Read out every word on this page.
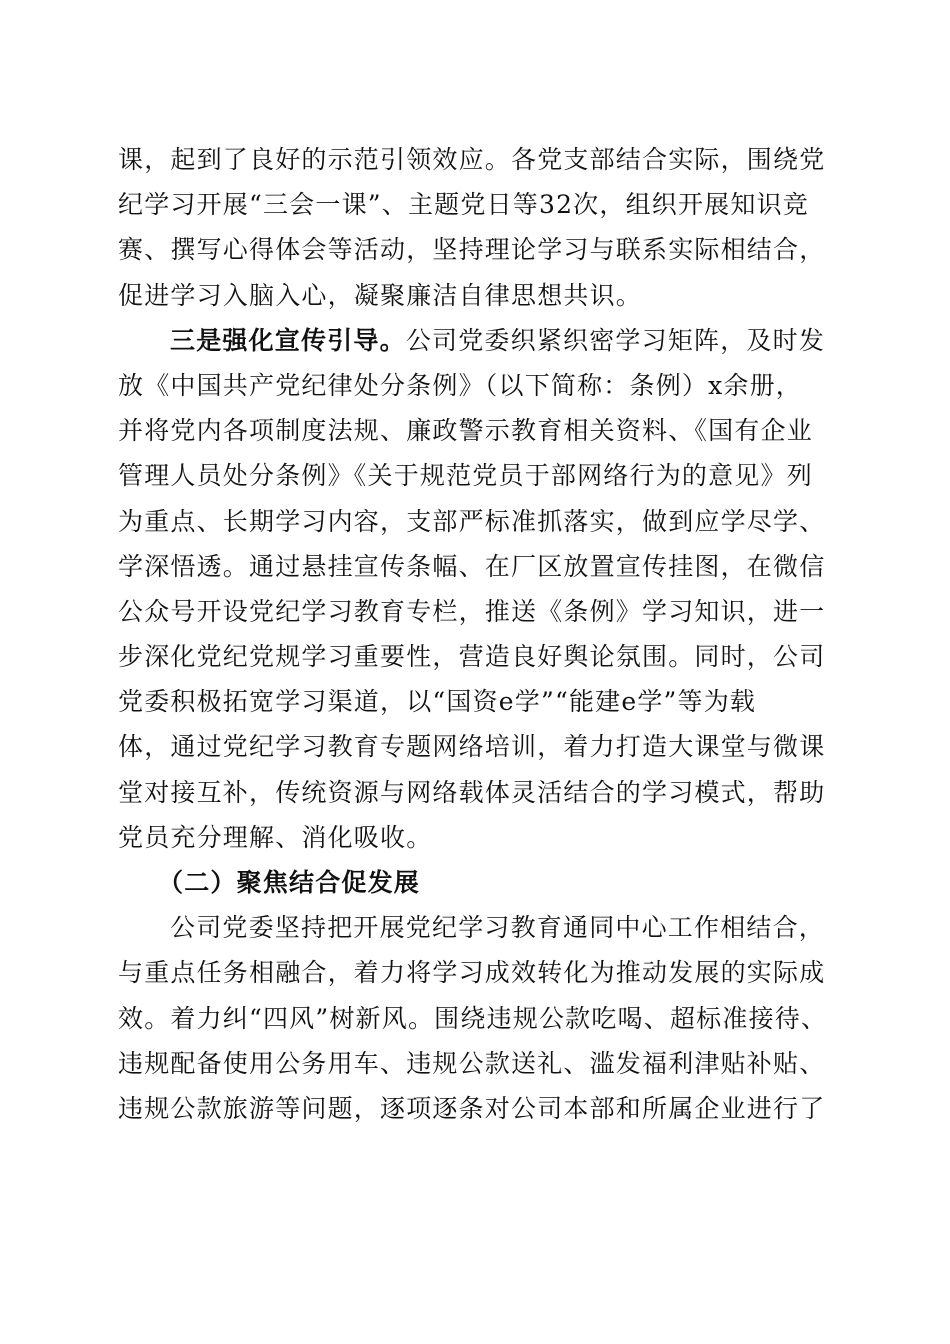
课，起到了良好的示范引领效应。各党支部结合实际，围绕党
纪学习开展“三会一课”、主题党日等32次，组织开展知识竞
赛、撰写心得体会等活动，坚持理论学习与联系实际相结合，
促进学习入脑入心，凝聚廉洁自律思想共识。
三是强化宣传引导。公司党委织紧织密学习矩阵，及时发
放《中国共产党纪律处分条例》（以下简称：条例）x余册，
并将党内各项制度法规、廉政警示教育相关资料、《国有企业
管理人员处分条例》《关于规范党员于部网络行为的意见》列
为重点、长期学习内容，支部严标准抓落实，做到应学尽学、
学深悟透。通过悬挂宣传条幅、在厂区放置宣传挂图，在微信
公众号开设党纪学习教育专栏，推送《条例》学习知识，进一
步深化党纪党规学习重要性，营造良好舆论氛围。同时，公司
党委积极拓宽学习渠道，以“国资e学”“能建e学”等为载
体，通过党纪学习教育专题网络培训，着力打造大课堂与微课
堂对接互补，传统资源与网络载体灵活结合的学习模式，帮助
党员充分理解、消化吸收。
（二）聚焦结合促发展
公司党委坚持把开展党纪学习教育通同中心工作相结合，
与重点任务相融合，着力将学习成效转化为推动发展的实际成
效。着力纠“四风”树新风。围绕违规公款吃喝、超标准接待、
违规配备使用公务用车、违规公款送礼、滥发福利津贴补贴、
违规公款旅游等问题，逐项逐条对公司本部和所属企业进行了
